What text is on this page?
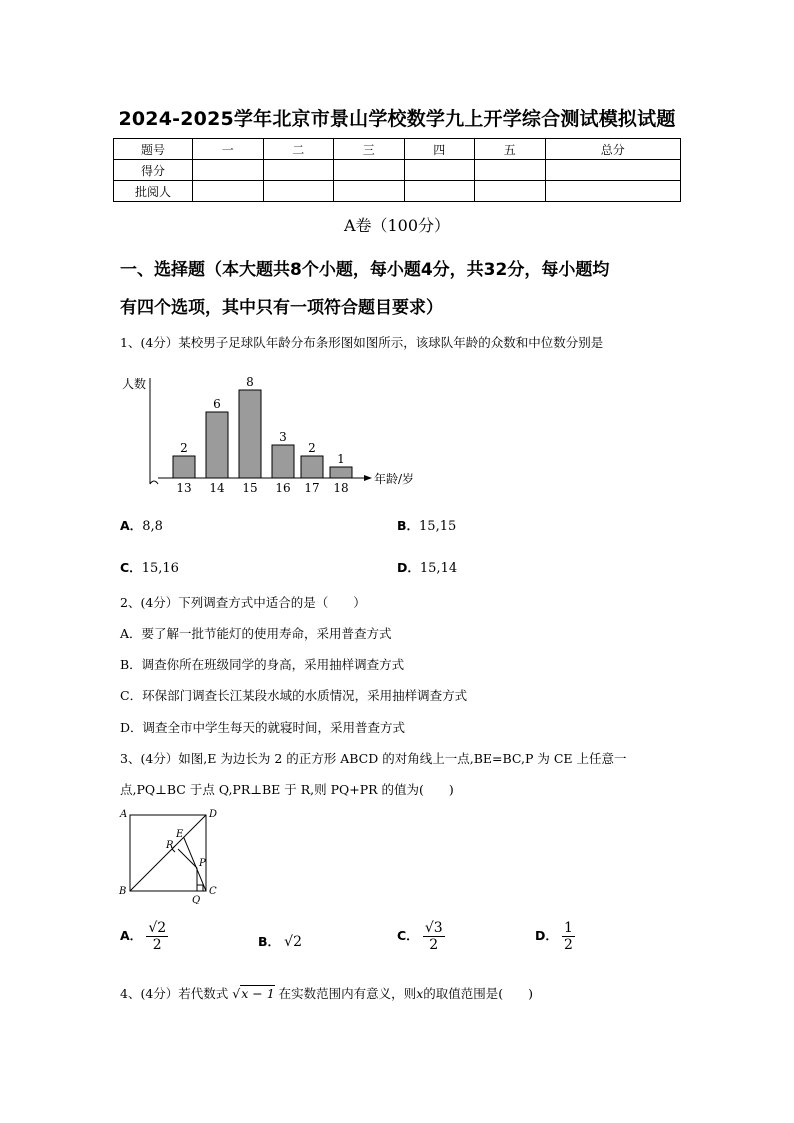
2024-2025学年北京市景山学校数学九上开学综合测试模拟试题
题号	一	二	三	四	五	总分
得分						
批阅人						
A卷（100分）
一、选择题（本大题共8个小题，每小题4分，共32分，每小题均
有四个选项，其中只有一项符合题目要求）
1、(4分）某校男子足球队年龄分布条形图如图所示，该球队年龄的众数和中位数分别是
2
13
6
14
8
15
3
16
2
17
1
18
人数
年龄/岁
A．8,8	B．15,15
C．15,16	D．15,14
2、(4分）下列调查方式中适合的是（　　）
A．要了解一批节能灯的使用寿命，采用普查方式
B．调查你所在班级同学的身高，采用抽样调查方式
C．环保部门调查长江某段水域的水质情况，采用抽样调查方式
D．调查全市中学生每天的就寝时间，采用普查方式
3、(4分）如图,E 为边长为 2 的正方形 ABCD 的对角线上一点,BE=BC,P 为 CE 上任意一
点,PQ⊥BC 于点 Q,PR⊥BE 于 R,则 PQ+PR 的值为(　　)
A	D
B	C
E
R
P
Q
A． $\frac{√2}{2}$	B． √2	C． $\frac{√3}{2}$	D． $\frac{1}{2}$
4、(4分）若代数式 √x − 1 在实数范围内有意义，则x的取值范围是(　　)
